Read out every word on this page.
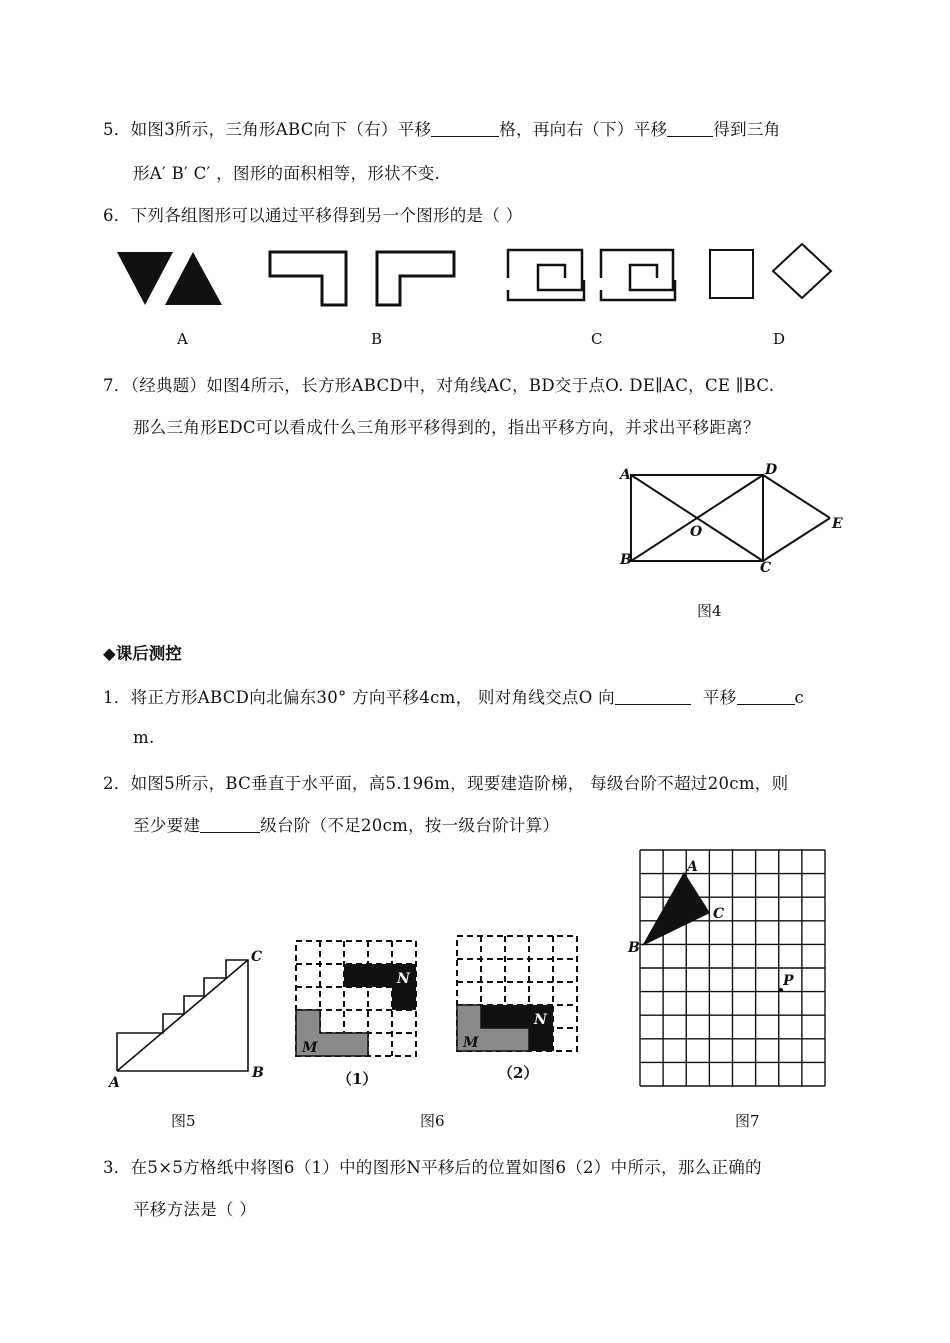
5．如图3所示，三角形ABC向下（右）平移	格，再向右（下）平移	得到三角
形A′ B′ C′ ，图形的面积相等，形状不变.
6．下列各组图形可以通过平移得到另一个图形的是（ ）
A	B	C	D
7．（经典题）如图4所示，长方形ABCD中，对角线AC，BD交于点O. DE∥AC，CE ∥BC.
那么三角形EDC可以看成什么三角形平移得到的，指出平移方向，并求出平移距离？
A	D
O	E
B	C
图4
◆课后测控
1．将正方形ABCD向北偏东30° 方向平移4cm， 则对角线交点O 向	平移	c
m.
2．如图5所示，BC垂直于水平面，高5.196m，现要建造阶梯， 每级台阶不超过20cm，则
至少要建	级台阶（不足20cm，按一级台阶计算）
C
A
B
图5
M
N
（1）
M
N
（2）
图6
A
C
B
P
图7
3．在5×5方格纸中将图6（1）中的图形N平移后的位置如图6（2）中所示，那么正确的
平移方法是（ ）
